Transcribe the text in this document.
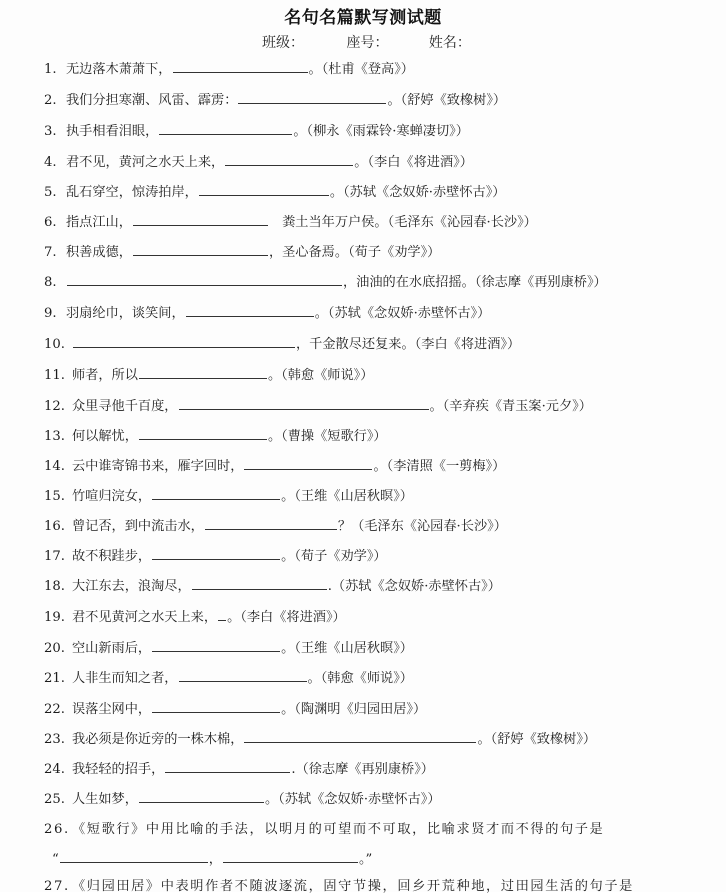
名句名篇默写测试题
班级：	座号：	姓名：
1. 无边落木萧萧下，	。（杜甫《登高》）
2. 我们分担寒潮、风雷、霹雳：	。（舒婷《致橡树》）
3. 执手相看泪眼，	。（柳永《雨霖铃·寒蝉凄切》）
4. 君不见，黄河之水天上来，	。（李白《将进酒》）
5. 乱石穿空，惊涛拍岸，	。（苏轼《念奴娇·赤壁怀古》）
6. 指点江山，	　粪土当年万户侯。（毛泽东《沁园春·长沙》）
7. 积善成德，	，圣心备焉。（荀子《劝学》）
8.	，油油的在水底招摇。（徐志摩《再别康桥》）
9. 羽扇纶巾，谈笑间，	。（苏轼《念奴娇·赤壁怀古》）
10.	，千金散尽还复来。（李白《将进酒》）
11. 师者，所以	。（韩愈《师说》）
12. 众里寻他千百度，	。（辛弃疾《青玉案·元夕》）
13. 何以解忧，	。（曹操《短歌行》）
14. 云中谁寄锦书来，雁字回时，	。（李清照《一剪梅》）
15. 竹喧归浣女，	。（王维《山居秋暝》）
16. 曾记否，到中流击水，	？（毛泽东《沁园春·长沙》）
17. 故不积跬步，	。（荀子《劝学》）
18. 大江东去，浪淘尽，	.（苏轼《念奴娇·赤壁怀古》）
19. 君不见黄河之水天上来， 。（李白《将进酒》）
20. 空山新雨后，	。（王维《山居秋暝》）
21. 人非生而知之者，	。（韩愈《师说》）
22. 误落尘网中，	。（陶渊明《归园田居》）
23. 我必须是你近旁的一株木棉，	。（舒婷《致橡树》）
24. 我轻轻的招手，	.（徐志摩《再别康桥》）
25. 人生如梦，	。（苏轼《念奴娇·赤壁怀古》）
26. 《短歌行》中用比喻的手法，以明月的可望而不可取，比喻求贤才而不得的句子是
“	，	。”
27. 《归园田居》中表明作者不随波逐流，固守节操，回乡开荒种地，过田园生活的句子是
